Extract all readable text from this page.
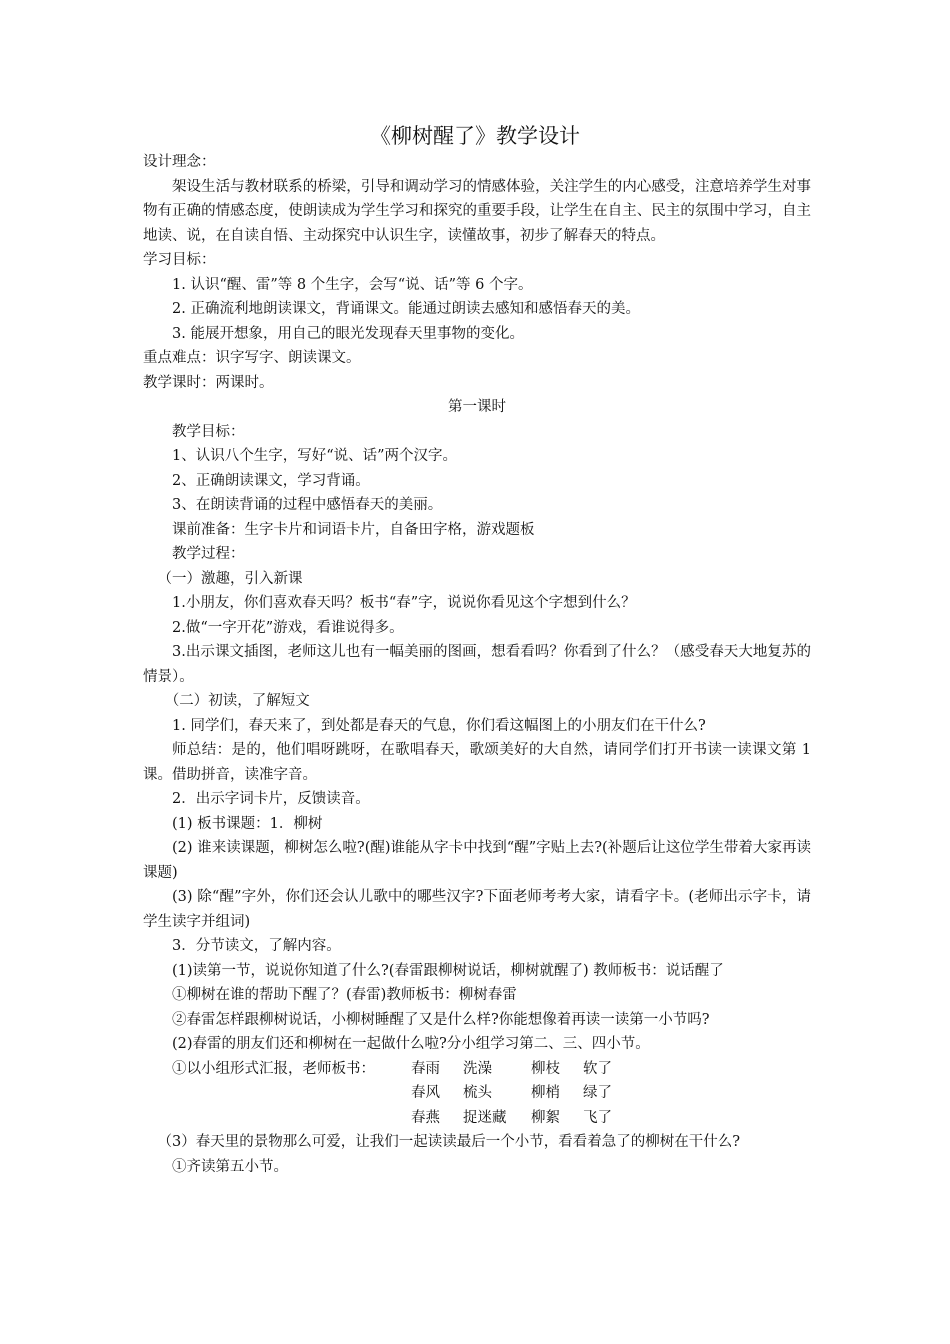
《柳树醒了》教学设计

设计理念：

架设生活与教材联系的桥梁，引导和调动学习的情感体验，关注学生的内心感受，注意培养学生对事物有正确的情感态度，使朗读成为学生学习和探究的重要手段，让学生在自主、民主的氛围中学习，自主地读、说，在自读自悟、主动探究中认识生字，读懂故事，初步了解春天的特点。

学习目标：

1. 认识“醒、雷”等 8 个生字，会写“说、话”等 6 个字。

2. 正确流利地朗读课文，背诵课文。能通过朗读去感知和感悟春天的美。

3. 能展开想象，用自己的眼光发现春天里事物的变化。

重点难点：识字写字、朗读课文。

教学课时：两课时。

第一课时

教学目标：

1、认识八个生字，写好“说、话”两个汉字。

2、正确朗读课文，学习背诵。

3、在朗读背诵的过程中感悟春天的美丽。

课前准备：生字卡片和词语卡片，自备田字格，游戏题板

教学过程：

（一）激趣，引入新课

1.小朋友，你们喜欢春天吗？板书“春”字，说说你看见这个字想到什么？

2.做“一字开花”游戏，看谁说得多。

3.出示课文插图，老师这儿也有一幅美丽的图画，想看看吗？你看到了什么？（感受春天大地复苏的情景）。

（二）初读，了解短文

1. 同学们，春天来了，到处都是春天的气息，你们看这幅图上的小朋友们在干什么?

师总结：是的，他们唱呀跳呀，在歌唱春天，歌颂美好的大自然，请同学们打开书读一读课文第 1 课。借助拼音，读准字音。

2．出示字词卡片，反馈读音。

(1) 板书课题：1．柳树

(2) 谁来读课题，柳树怎么啦?(醒)谁能从字卡中找到“醒”字贴上去?(补题后让这位学生带着大家再读课题)

(3) 除“醒”字外，你们还会认儿歌中的哪些汉字?下面老师考考大家，请看字卡。(老师出示字卡，请学生读字并组词)

3．分节读文，了解内容。

(1)读第一节，说说你知道了什么?(春雷跟柳树说话，柳树就醒了) 教师板书：说话醒了

①柳树在谁的帮助下醒了？(春雷)教师板书：柳树春雷

②春雷怎样跟柳树说话，小柳树睡醒了又是什么样?你能想像着再读一读第一小节吗?

(2)春雷的朋友们还和柳树在一起做什么啦?分小组学习第二、三、四小节。

①以小组形式汇报，老师板书：	春雨	洗澡	柳枝	软了
春风	梳头	柳梢	绿了
春燕	捉迷藏	柳絮	飞了

（3）春天里的景物那么可爱，让我们一起读读最后一个小节，看看着急了的柳树在干什么?

①齐读第五小节。
